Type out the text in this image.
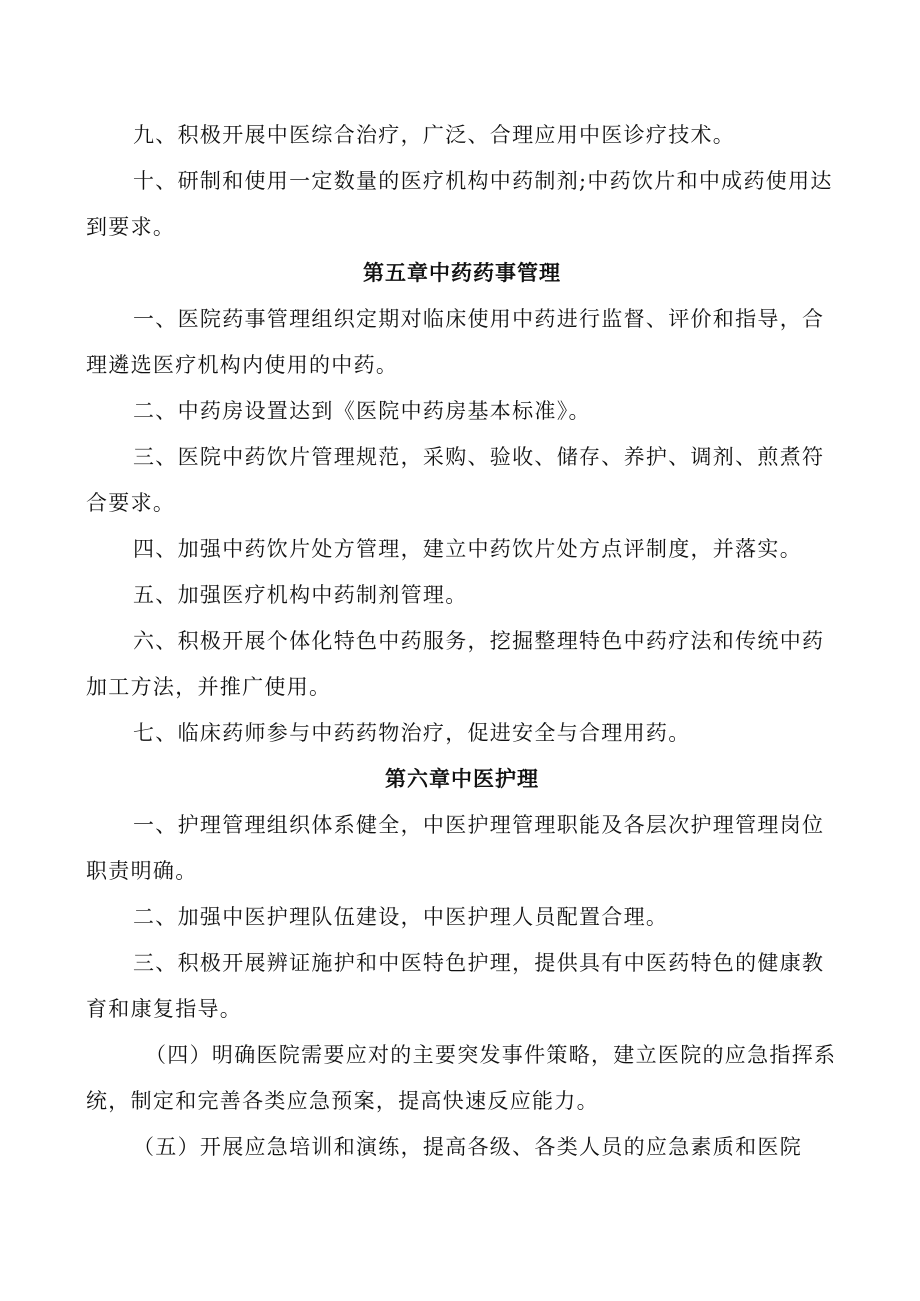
九、积极开展中医综合治疗，广泛、合理应用中医诊疗技术。

十、研制和使用一定数量的医疗机构中药制剂;中药饮片和中成药使用达到要求。

第五章中药药事管理

一、医院药事管理组织定期对临床使用中药进行监督、评价和指导，合理遴选医疗机构内使用的中药。

二、中药房设置达到《医院中药房基本标准》。

三、医院中药饮片管理规范，采购、验收、储存、养护、调剂、煎煮符合要求。

四、加强中药饮片处方管理，建立中药饮片处方点评制度，并落实。

五、加强医疗机构中药制剂管理。

六、积极开展个体化特色中药服务，挖掘整理特色中药疗法和传统中药加工方法，并推广使用。

七、临床药师参与中药药物治疗，促进安全与合理用药。

第六章中医护理

一、护理管理组织体系健全，中医护理管理职能及各层次护理管理岗位职责明确。

二、加强中医护理队伍建设，中医护理人员配置合理。

三、积极开展辨证施护和中医特色护理，提供具有中医药特色的健康教育和康复指导。

（四）明确医院需要应对的主要突发事件策略，建立医院的应急指挥系统，制定和完善各类应急预案，提高快速反应能力。

（五）开展应急培训和演练，提高各级、各类人员的应急素质和医院
